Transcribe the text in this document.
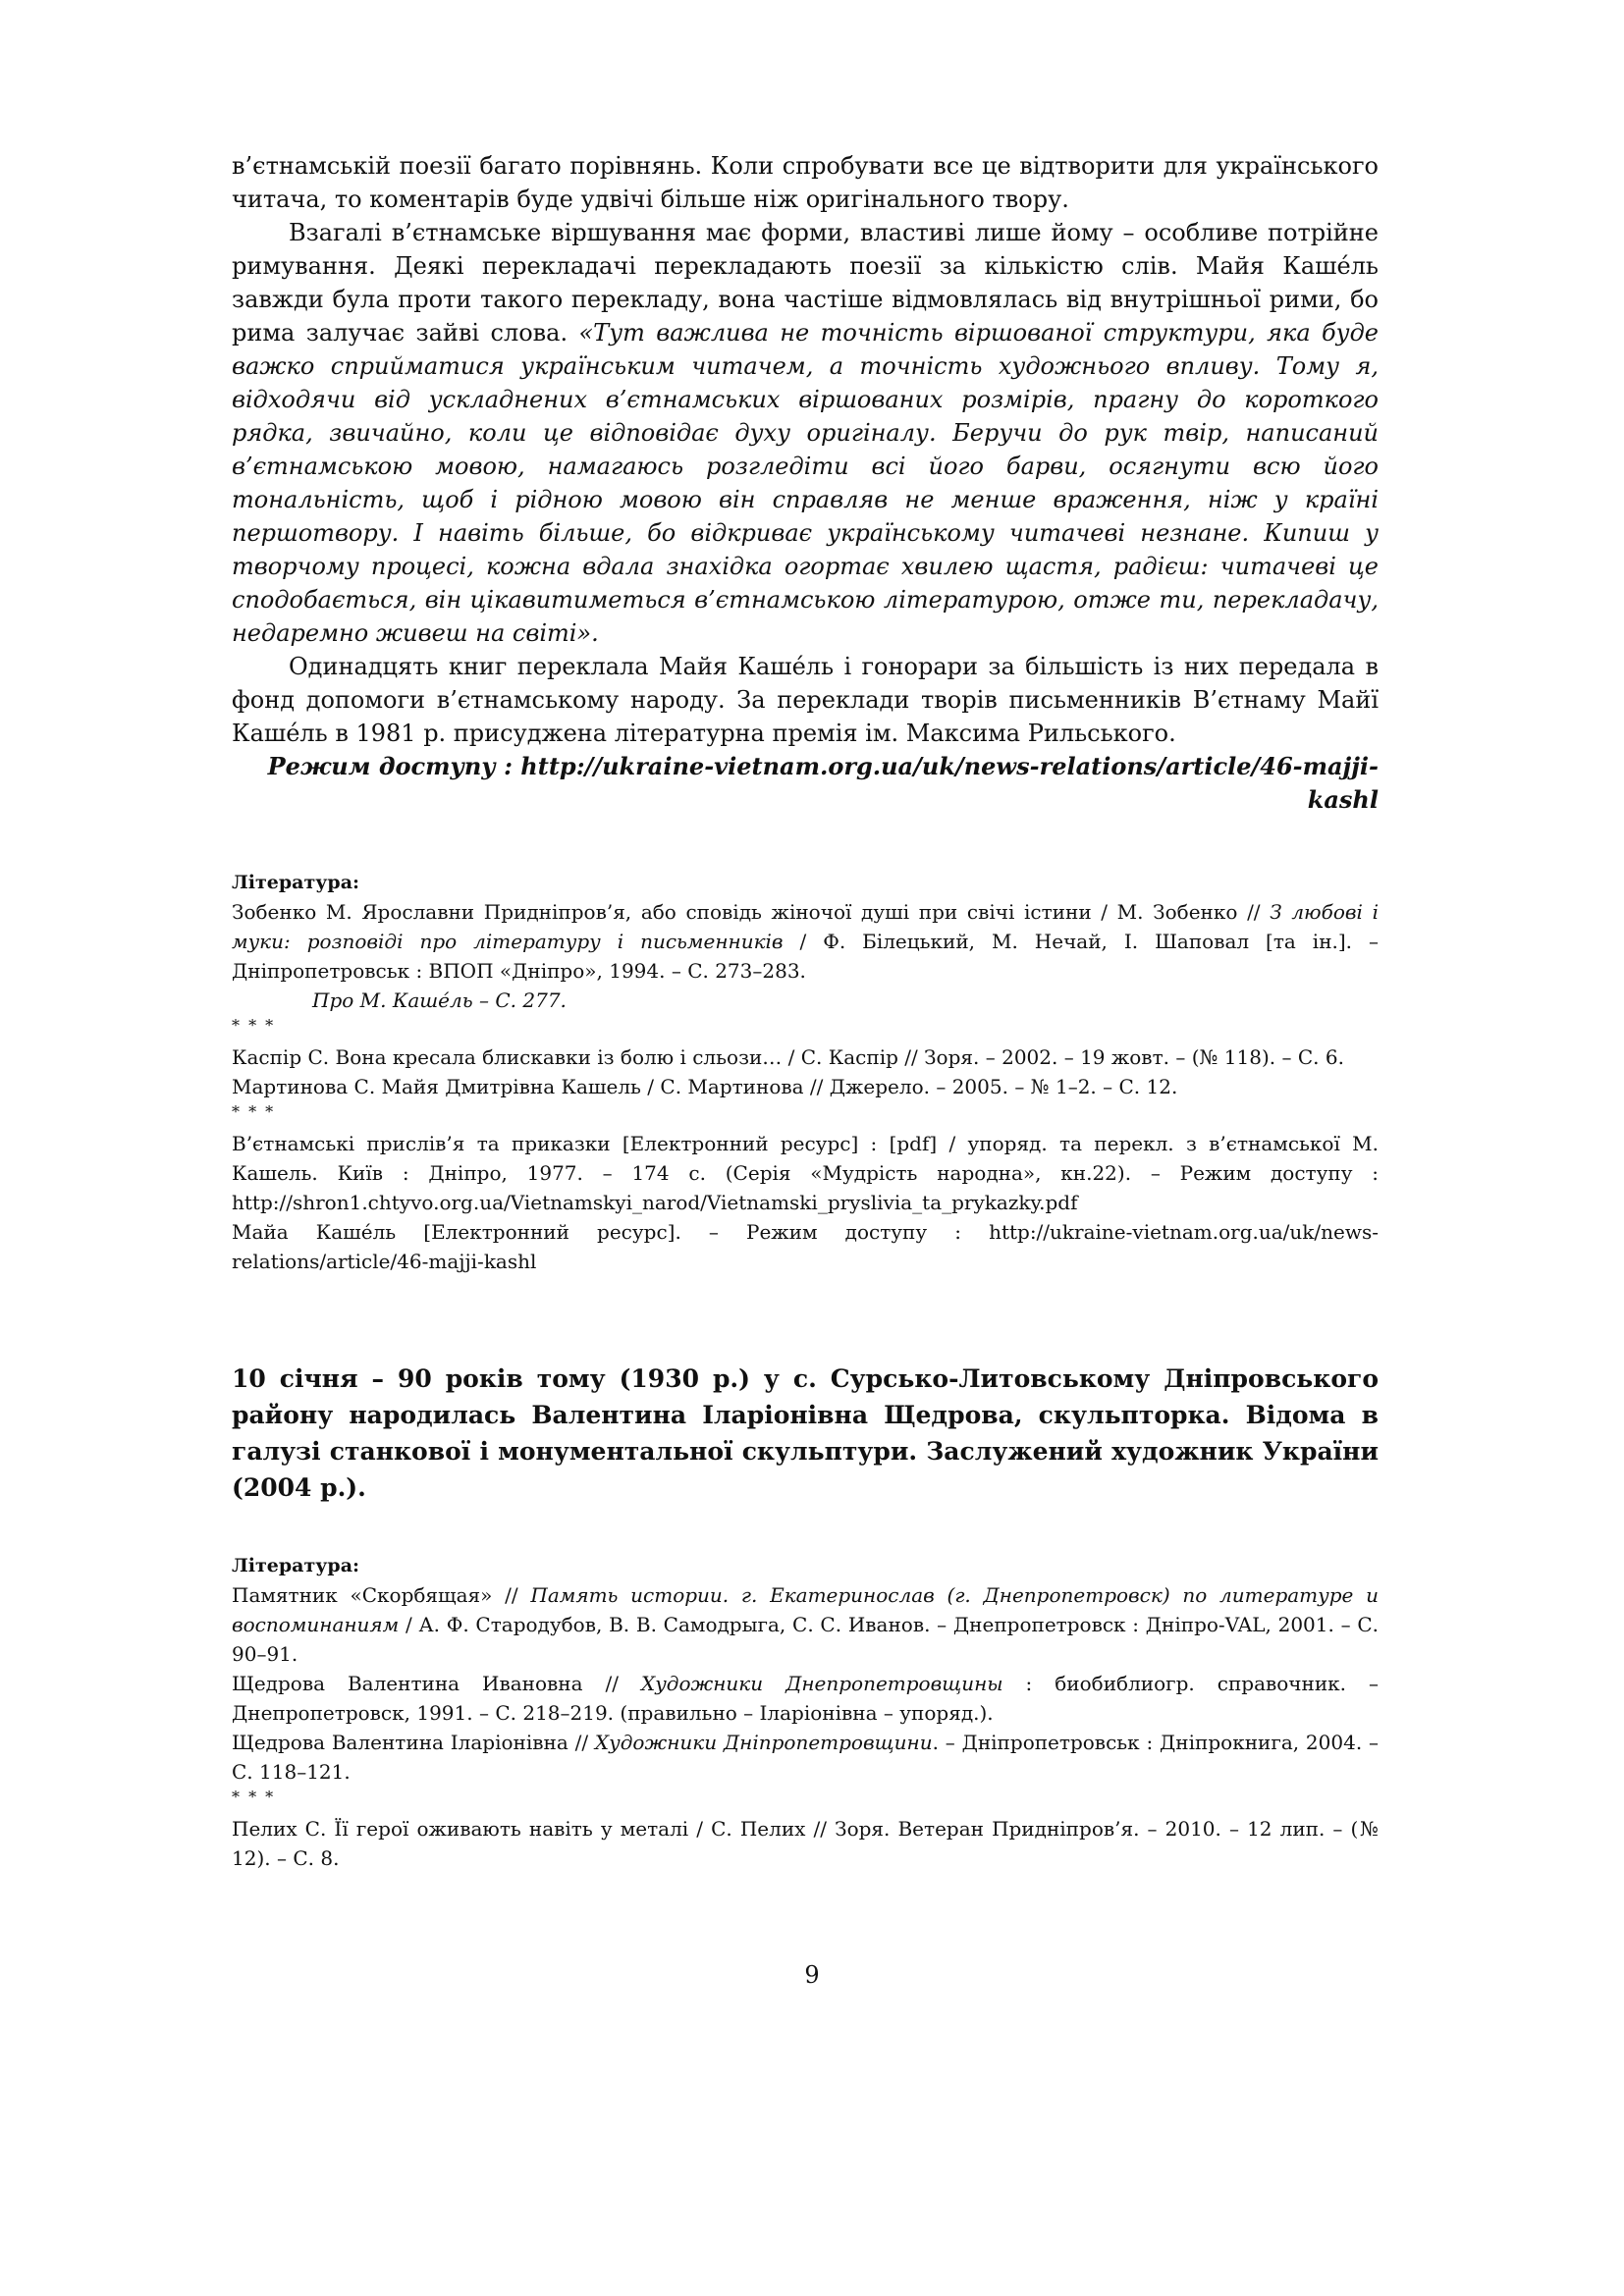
в’єтнамській поезії багато порівнянь. Коли спробувати все це відтворити для українського читача, то коментарів буде удвічі більше ніж оригінального твору.

Взагалі в’єтнамське віршування має форми, властиві лише йому – особливе потрійне римування. Деякі перекладачі перекладають поезії за кількістю слів. Майя Каше́ль завжди була проти такого перекладу, вона частіше відмовлялась від внутрішньої рими, бо рима залучає зайві слова. «Тут важлива не точність віршованої структури, яка буде важко сприйматися українським читачем, а точність художнього впливу. Тому я, відходячи від ускладнених в’єтнамських віршованих розмірів, прагну до короткого рядка, звичайно, коли це відповідає духу оригіналу. Беручи до рук твір, написаний в’єтнамською мовою, намагаюсь розгледіти всі його барви, осягнути всю його тональність, щоб і рідною мовою він справляв не менше враження, ніж у країні першотвору. І навіть більше, бо відкриває українському читачеві незнане. Кипиш у творчому процесі, кожна вдала знахідка огортає хвилею щастя, радієш: читачеві це сподобається, він цікавитиметься в’єтнамською літературою, отже ти, перекладачу, недаремно живеш на світі».

Одинадцять книг переклала Майя Каше́ль і гонорари за більшість із них передала в фонд допомоги в’єтнамському народу. За переклади творів письменників В’єтнаму Майї Каше́ль в 1981 р. присуджена літературна премія ім. Максима Рильського.

Режим доступу : http://ukraine-vietnam.org.ua/uk/news-relations/article/46-majji-kashl

Література:

Зобенко М. Ярославни Придніпров’я, або сповідь жіночої душі при свічі істини / М. Зобенко // З любові і муки: розповіді про літературу і письменників / Ф. Білецький, М. Нечай, І. Шаповал [та ін.]. – Дніпропетровськ : ВПОП «Дніпро», 1994. – С. 273–283.

Про М. Каше́ль – С. 277.

* * *

Каспір С. Вона кресала блискавки із болю і сльози… / С. Каспір // Зоря. – 2002. – 19 жовт. – (№ 118). – С. 6.

Мартинова С. Майя Дмитрівна Кашель / С. Мартинова // Джерело. – 2005. – № 1–2. – С. 12.

* * *

В’єтнамські прислів’я та приказки [Електронний ресурс] : [pdf] / упоряд. та перекл. з в’єтнамської М. Кашель. Київ : Дніпро, 1977. – 174 с. (Серія «Мудрість народна», кн.22). – Режим доступу : http://shron1.chtyvo.org.ua/Vietnamskyi_narod/Vietnamski_pryslivia_ta_prykazky.pdf

Майа Каше́ль [Електронний ресурс]. – Режим доступу : http://ukraine-vietnam.org.ua/uk/news-relations/article/46-majji-kashl

10 січня – 90 років тому (1930 р.) у с. Сурсько-Литовському Дніпровського району народилась Валентина Іларіонівна Щедрова, скульпторка. Відома в галузі станкової і монументальної скульптури. Заслужений художник України (2004 р.).

Література:

Памятник «Скорбящая» // Память истории. г. Екатеринослав (г. Днепропетровск) по литературе и воспоминаниям / А. Ф. Стародубов, В. В. Самодрыга, С. С. Иванов. – Днепропетровск : Дніпро-VAL, 2001. – С. 90–91.

Щедрова Валентина Ивановна // Художники Днепропетровщины : биобиблиогр. справочник. – Днепропетровск, 1991. – С. 218–219. (правильно – Іларіонівна – упоряд.).

Щедрова Валентина Іларіонівна // Художники Дніпропетровщини. – Дніпропетровськ : Дніпрокнига, 2004. – С. 118–121.

* * *

Пелих С. Її герої оживають навіть у металі / С. Пелих // Зоря. Ветеран Придніпров’я. – 2010. – 12 лип. – (№ 12). – С. 8.

9
